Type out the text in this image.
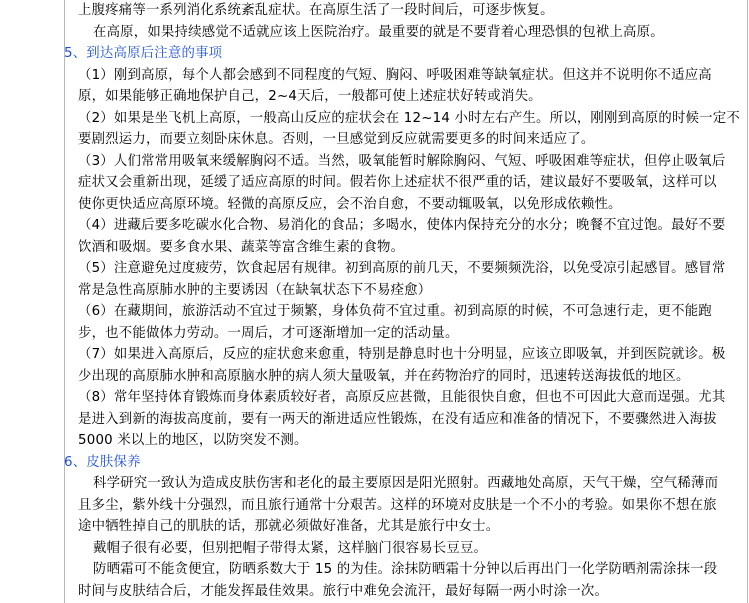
上腹疼痛等一系列消化系统紊乱症状。在高原生活了一段时间后，可逐步恢复。
在高原，如果持续感觉不适就应该上医院治疗。最重要的就是不要背着心理恐惧的包袱上高原。
5、到达高原后注意的事项
（1）刚到高原，每个人都会感到不同程度的气短、胸闷、呼吸困难等缺氧症状。但这并不说明你不适应高
原，如果能够正确地保护自己，2~4天后，一般都可使上述症状好转或消失。
（2）如果是坐飞机上高原，一般高山反应的症状会在 12~14 小时左右产生。所以，刚刚到高原的时候一定不
要剧烈运力，而要立刻卧床休息。否则，一旦感觉到反应就需要更多的时间来适应了。
（3）人们常常用吸氧来缓解胸闷不适。当然，吸氧能暂时解除胸闷、气短、呼吸困难等症状，但停止吸氧后
症状又会重新出现，延缓了适应高原的时间。假若你上述症状不很严重的话，建议最好不要吸氧，这样可以
使你更快适应高原环境。轻微的高原反应，会不治自愈，不要动辄吸氧，以免形成依赖性。
（4）进藏后要多吃碳水化合物、易消化的食品；多喝水，使体内保持充分的水分；晚餐不宜过饱。最好不要
饮酒和吸烟。要多食水果、蔬菜等富含维生素的食物。
（5）注意避免过度疲劳，饮食起居有规律。初到高原的前几天，不要频频洗浴，以免受凉引起感冒。感冒常
常是急性高原肺水肿的主要诱因（在缺氧状态下不易痊愈）
（6）在藏期间，旅游活动不宜过于频繁，身体负荷不宜过重。初到高原的时候，不可急速行走，更不能跑
步，也不能做体力劳动。一周后，才可逐渐增加一定的活动量。
（7）如果进入高原后，反应的症状愈来愈重，特别是静息时也十分明显，应该立即吸氧，并到医院就诊。极
少出现的高原肺水肿和高原脑水肿的病人须大量吸氧，并在药物治疗的同时，迅速转送海拔低的地区。
（8）常年坚持体育锻炼而身体素质较好者，高原反应甚微，且能很快自愈，但也不可因此大意而逞强。尤其
是进入到新的海拔高度前，要有一两天的渐进适应性锻炼，在没有适应和准备的情况下，不要骤然进入海拔
5000 米以上的地区，以防突发不测。
6、皮肤保养
科学研究一致认为造成皮肤伤害和老化的最主要原因是阳光照射。西藏地处高原，天气干燥，空气稀薄而
且多尘，紫外线十分强烈，而且旅行通常十分艰苦。这样的环境对皮肤是一个不小的考验。如果你不想在旅
途中牺牲掉自己的肌肤的话，那就必须做好准备，尤其是旅行中女士。
戴帽子很有必要，但别把帽子带得太紧，这样脑门很容易长豆豆。
防晒霜可不能贪便宜，防晒系数大于 15 的为佳。涂抹防晒霜十分钟以后再出门一化学防晒剂需涂抹一段
时间与皮肤结合后，才能发挥最佳效果。旅行中难免会流汗，最好每隔一两小时涂一次。
